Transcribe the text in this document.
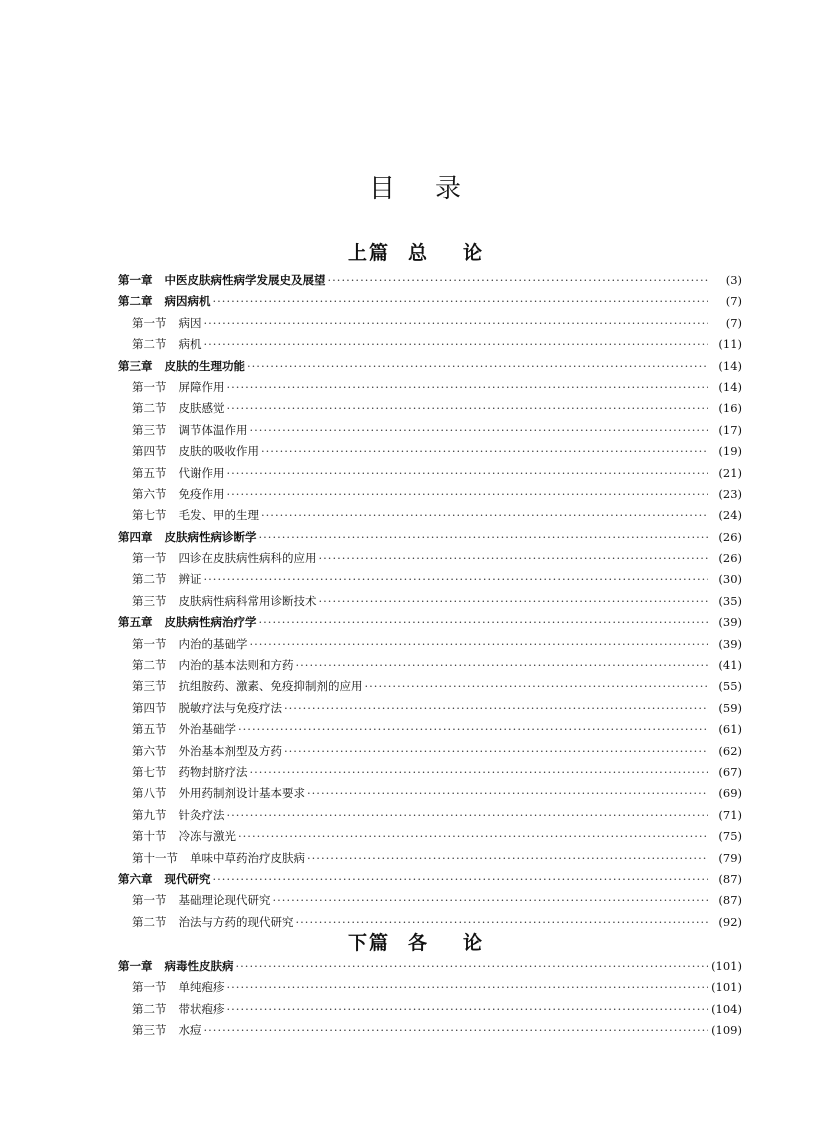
目录
上篇 总 论
第一章 中医皮肤病性病学发展史及展望 ·····	(3)
第二章 病因病机 ·····	(7)
第一节 病因 ·····	(7)
第二节 病机 ·····	(11)
第三章 皮肤的生理功能 ·····	(14)
第一节 屏障作用 ·····	(14)
第二节 皮肤感觉 ·····	(16)
第三节 调节体温作用 ·····	(17)
第四节 皮肤的吸收作用 ·····	(19)
第五节 代谢作用 ·····	(21)
第六节 免疫作用 ·····	(23)
第七节 毛发、甲的生理 ·····	(24)
第四章 皮肤病性病诊断学 ·····	(26)
第一节 四诊在皮肤病性病科的应用 ·····	(26)
第二节 辨证 ·····	(30)
第三节 皮肤病性病科常用诊断技术 ·····	(35)
第五章 皮肤病性病治疗学 ·····	(39)
第一节 内治的基础学 ·····	(39)
第二节 内治的基本法则和方药 ·····	(41)
第三节 抗组胺药、激素、免疫抑制剂的应用 ·····	(55)
第四节 脱敏疗法与免疫疗法 ·····	(59)
第五节 外治基础学 ·····	(61)
第六节 外治基本剂型及方药 ·····	(62)
第七节 药物封脐疗法 ·····	(67)
第八节 外用药制剂设计基本要求 ·····	(69)
第九节 针灸疗法 ·····	(71)
第十节 冷冻与激光 ·····	(75)
第十一节 单味中草药治疗皮肤病 ·····	(79)
第六章 现代研究 ·····	(87)
第一节 基础理论现代研究 ·····	(87)
第二节 治法与方药的现代研究 ·····	(92)
下篇 各 论
第一章 病毒性皮肤病 ·····	(101)
第一节 单纯疱疹 ·····	(101)
第二节 带状疱疹 ·····	(104)
第三节 水痘 ·····	(109)
